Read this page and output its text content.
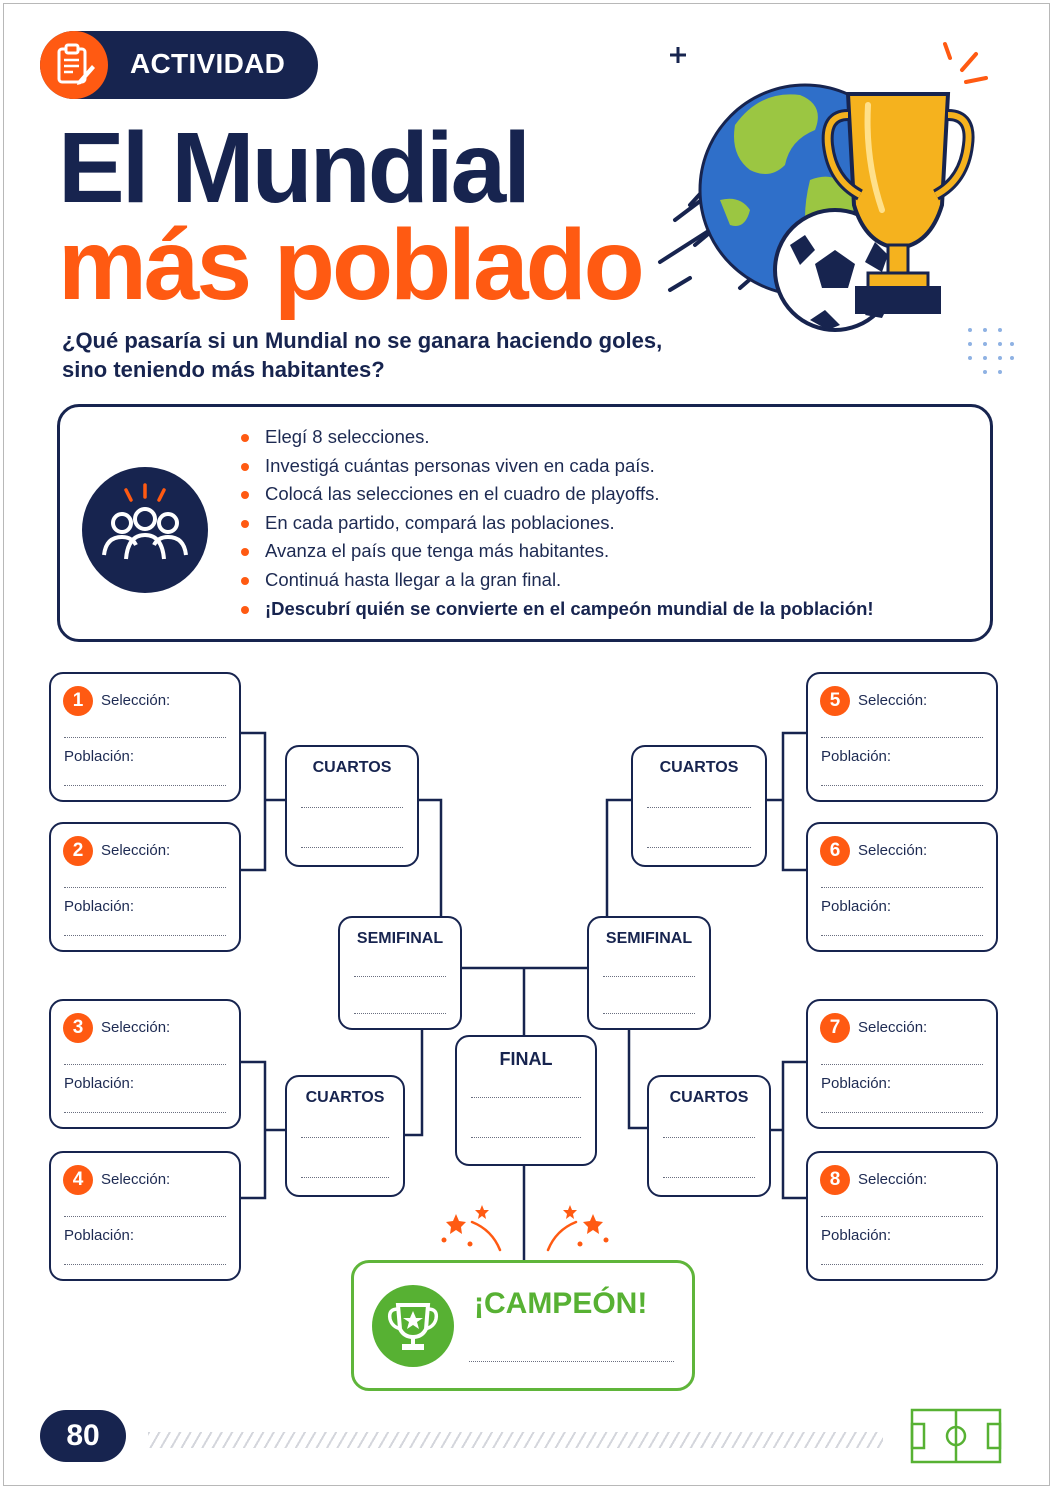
ACTIVIDAD
El Mundial
más poblado
¿Qué pasaría si un Mundial no se ganara haciendo goles,
sino teniendo más habitantes?
Elegí 8 selecciones.
Investigá cuántas personas viven en cada país.
Colocá las selecciones en el cuadro de playoffs.
En cada partido, compará las poblaciones.
Avanza el país que tenga más habitantes.
Continuá hasta llegar a la gran final.
¡Descubrí quién se convierte en el campeón mundial de la población!
1	Selección:
Población:
2	Selección:
Población:
3	Selección:
Población:
4	Selección:
Población:
5	Selección:
Población:
6	Selección:
Población:
7	Selección:
Población:
8	Selección:
Población:
CUARTOS
CUARTOS
CUARTOS
CUARTOS
SEMIFINAL	SEMIFINAL
FINAL
¡CAMPEÓN!
80
